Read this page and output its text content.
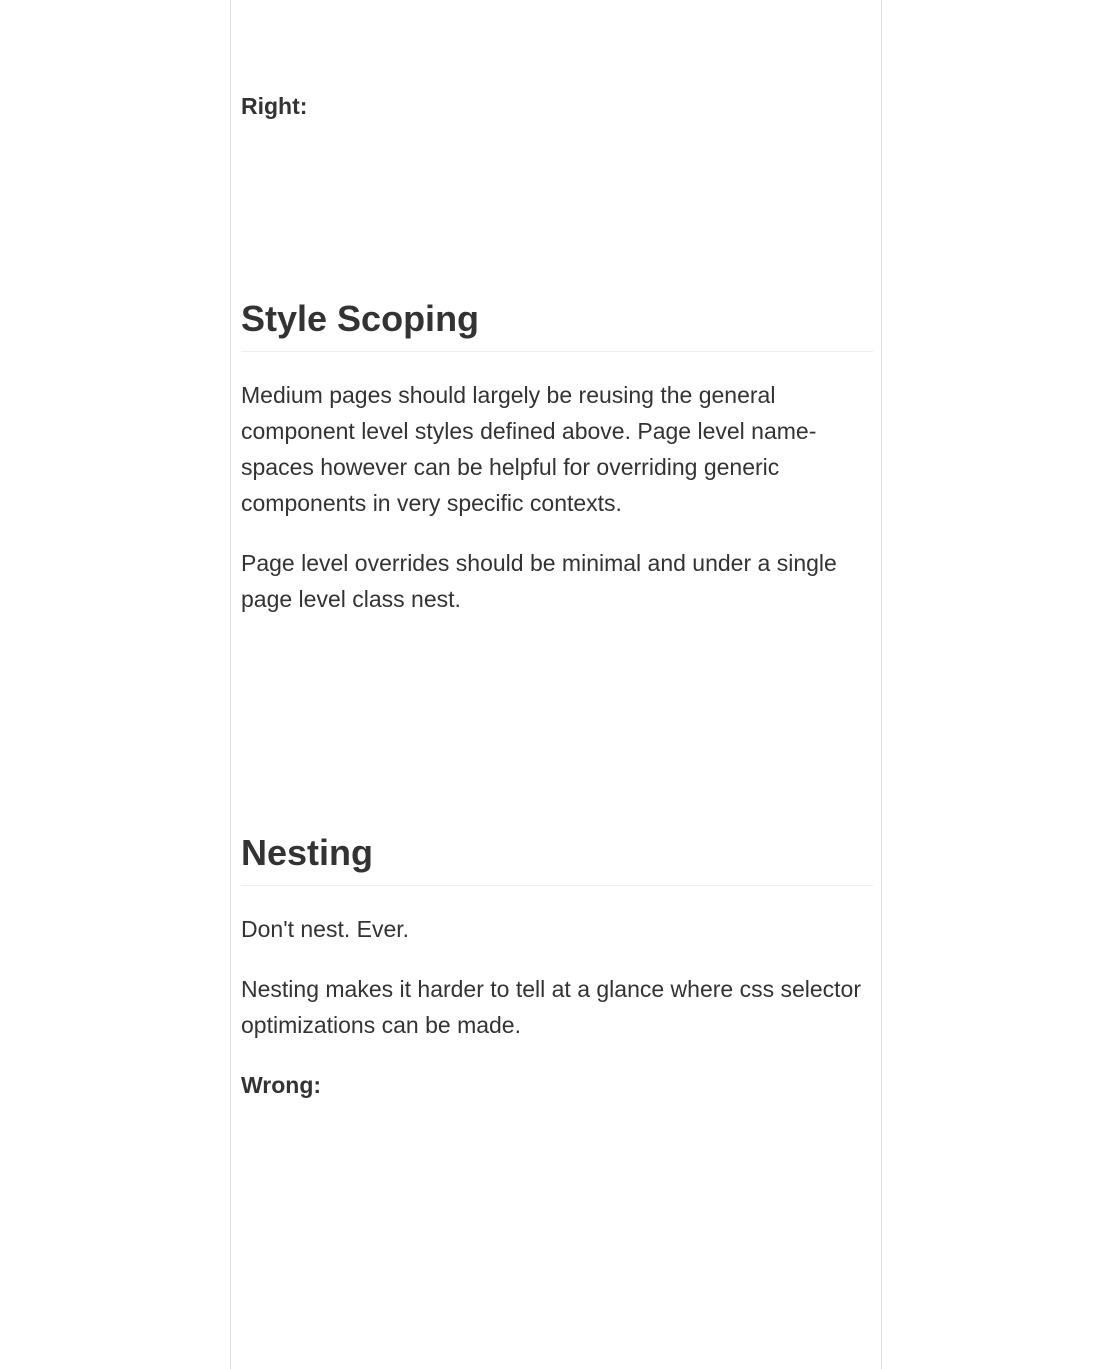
Right:

Style Scoping

Medium pages should largely be reusing the general component level styles defined above. Page level name-spaces however can be helpful for overriding generic components in very specific contexts.

Page level overrides should be minimal and under a single page level class nest.

Nesting

Don't nest. Ever.

Nesting makes it harder to tell at a glance where css selector optimizations can be made.

Wrong:
